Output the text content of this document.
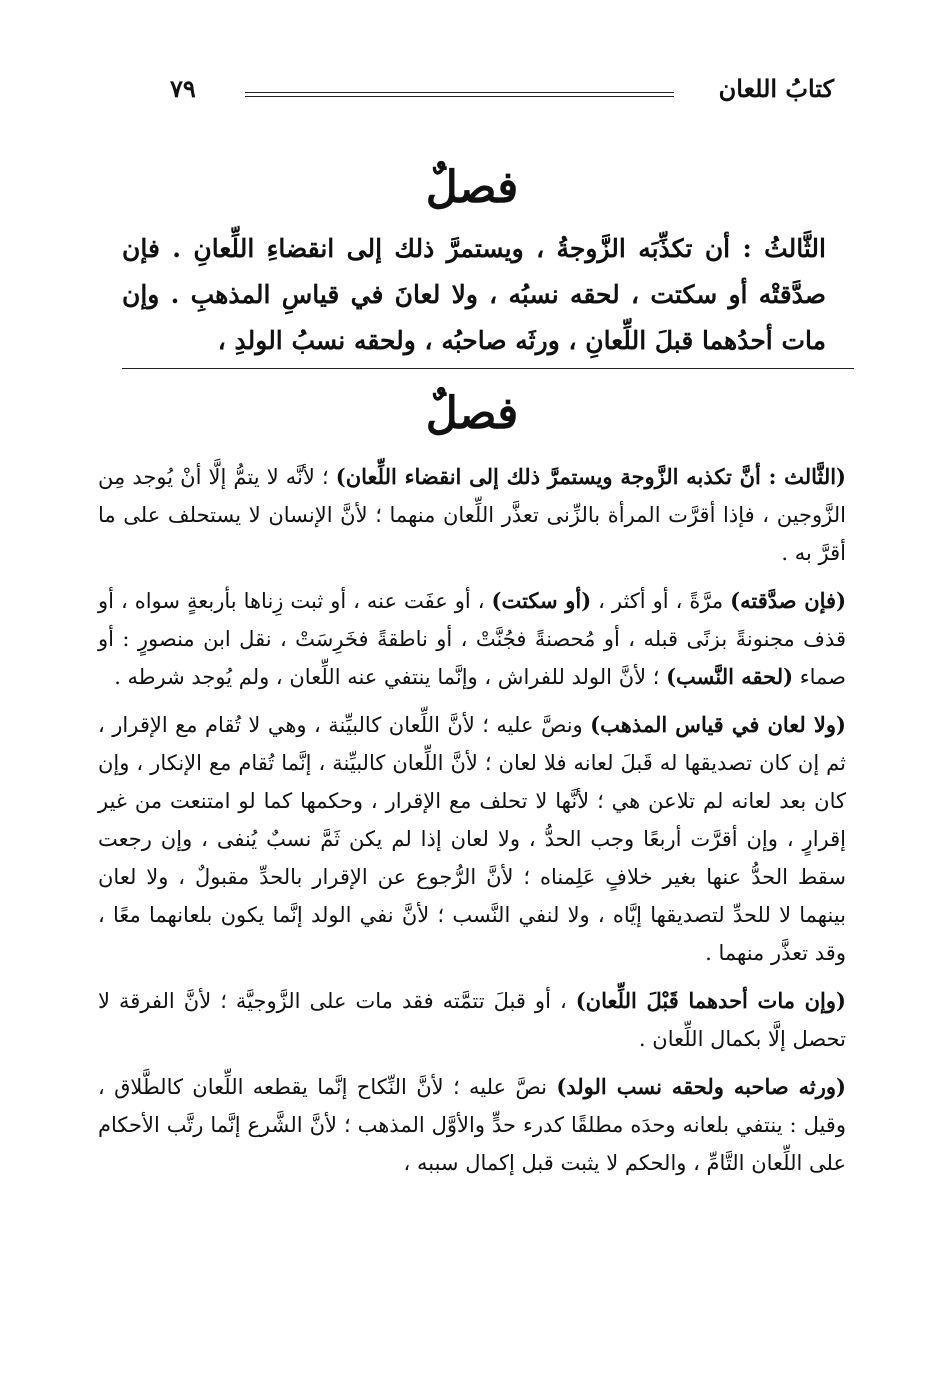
كتابُ اللعان
٧٩
فصلٌ
الثَّالثُ : أن تكذِّبَه الزَّوجةُ ، ويستمرَّ ذلك إلى انقضاءِ اللِّعانِ . فإن صدَّقتْه أو سكتت ، لحقه نسبُه ، ولا لعانَ في قياسِ المذهبِ . وإن مات أحدُهما قبلَ اللِّعانِ ، ورثَه صاحبُه ، ولحقه نسبُ الولدِ ،
فصلٌ

(الثَّالث : أنَّ تكذبه الزَّوجة ويستمرَّ ذلك إلى انقضاء اللِّعان) ؛ لأنَّه لا يتمُّ إلَّا أنْ يُوجد مِن الزَّوجين ، فإذا أقرَّت المرأة بالزِّنى تعذَّر اللِّعان منهما ؛ لأنَّ الإنسان لا يستحلف على ما أقرَّ به .

(فإن صدَّقته) مرَّةً ، أو أكثر ، (أو سكتت) ، أو عفَت عنه ، أو ثبت زِناها بأربعةٍ سواه ، أو قذف مجنونةً بزنًى قبله ، أو مُحصنةً فجُنَّتْ ، أو ناطقةً فخَرِسَتْ ، نقل ابن منصورٍ : أو صماء (لحقه النَّسب) ؛ لأنَّ الولد للفراش ، وإنَّما ينتفي عنه اللِّعان ، ولم يُوجد شرطه .

(ولا لعان في قياس المذهب) ونصَّ عليه ؛ لأنَّ اللِّعان كالبيِّنة ، وهي لا تُقام مع الإقرار ، ثم إن كان تصديقها له قَبلَ لعانه فلا لعان ؛ لأنَّ اللِّعان كالبيِّنة ، إنَّما تُقام مع الإنكار ، وإن كان بعد لعانه لم تلاعن هي ؛ لأنَّها لا تحلف مع الإقرار ، وحكمها كما لو امتنعت من غير إقرارٍ ، وإن أقرَّت أربعًا وجب الحدُّ ، ولا لعان إذا لم يكن ثَمَّ نسبٌ يُنفى ، وإن رجعت سقط الحدُّ عنها بغير خلافٍ عَلِمناه ؛ لأنَّ الرُّجوع عن الإقرار بالحدِّ مقبولٌ ، ولا لعان بينهما لا للحدِّ لتصديقها إيَّاه ، ولا لنفي النَّسب ؛ لأنَّ نفي الولد إنَّما يكون بلعانهما معًا ، وقد تعذَّر منهما .

(وإن مات أحدهما قَبْلَ اللِّعان) ، أو قبلَ تتمَّته فقد مات على الزَّوجيَّة ؛ لأنَّ الفرقة لا تحصل إلَّا بكمال اللِّعان .

(ورثه صاحبه ولحقه نسب الولد) نصَّ عليه ؛ لأنَّ النِّكاح إنَّما يقطعه اللِّعان كالطَّلاق ، وقيل : ينتفي بلعانه وحدَه مطلقًا كدرء حدٍّ والأوَّل المذهب ؛ لأنَّ الشَّرع إنَّما رتَّب الأحكام على اللِّعان التَّامِّ ، والحكم لا يثبت قبل إكمال سببه ،
